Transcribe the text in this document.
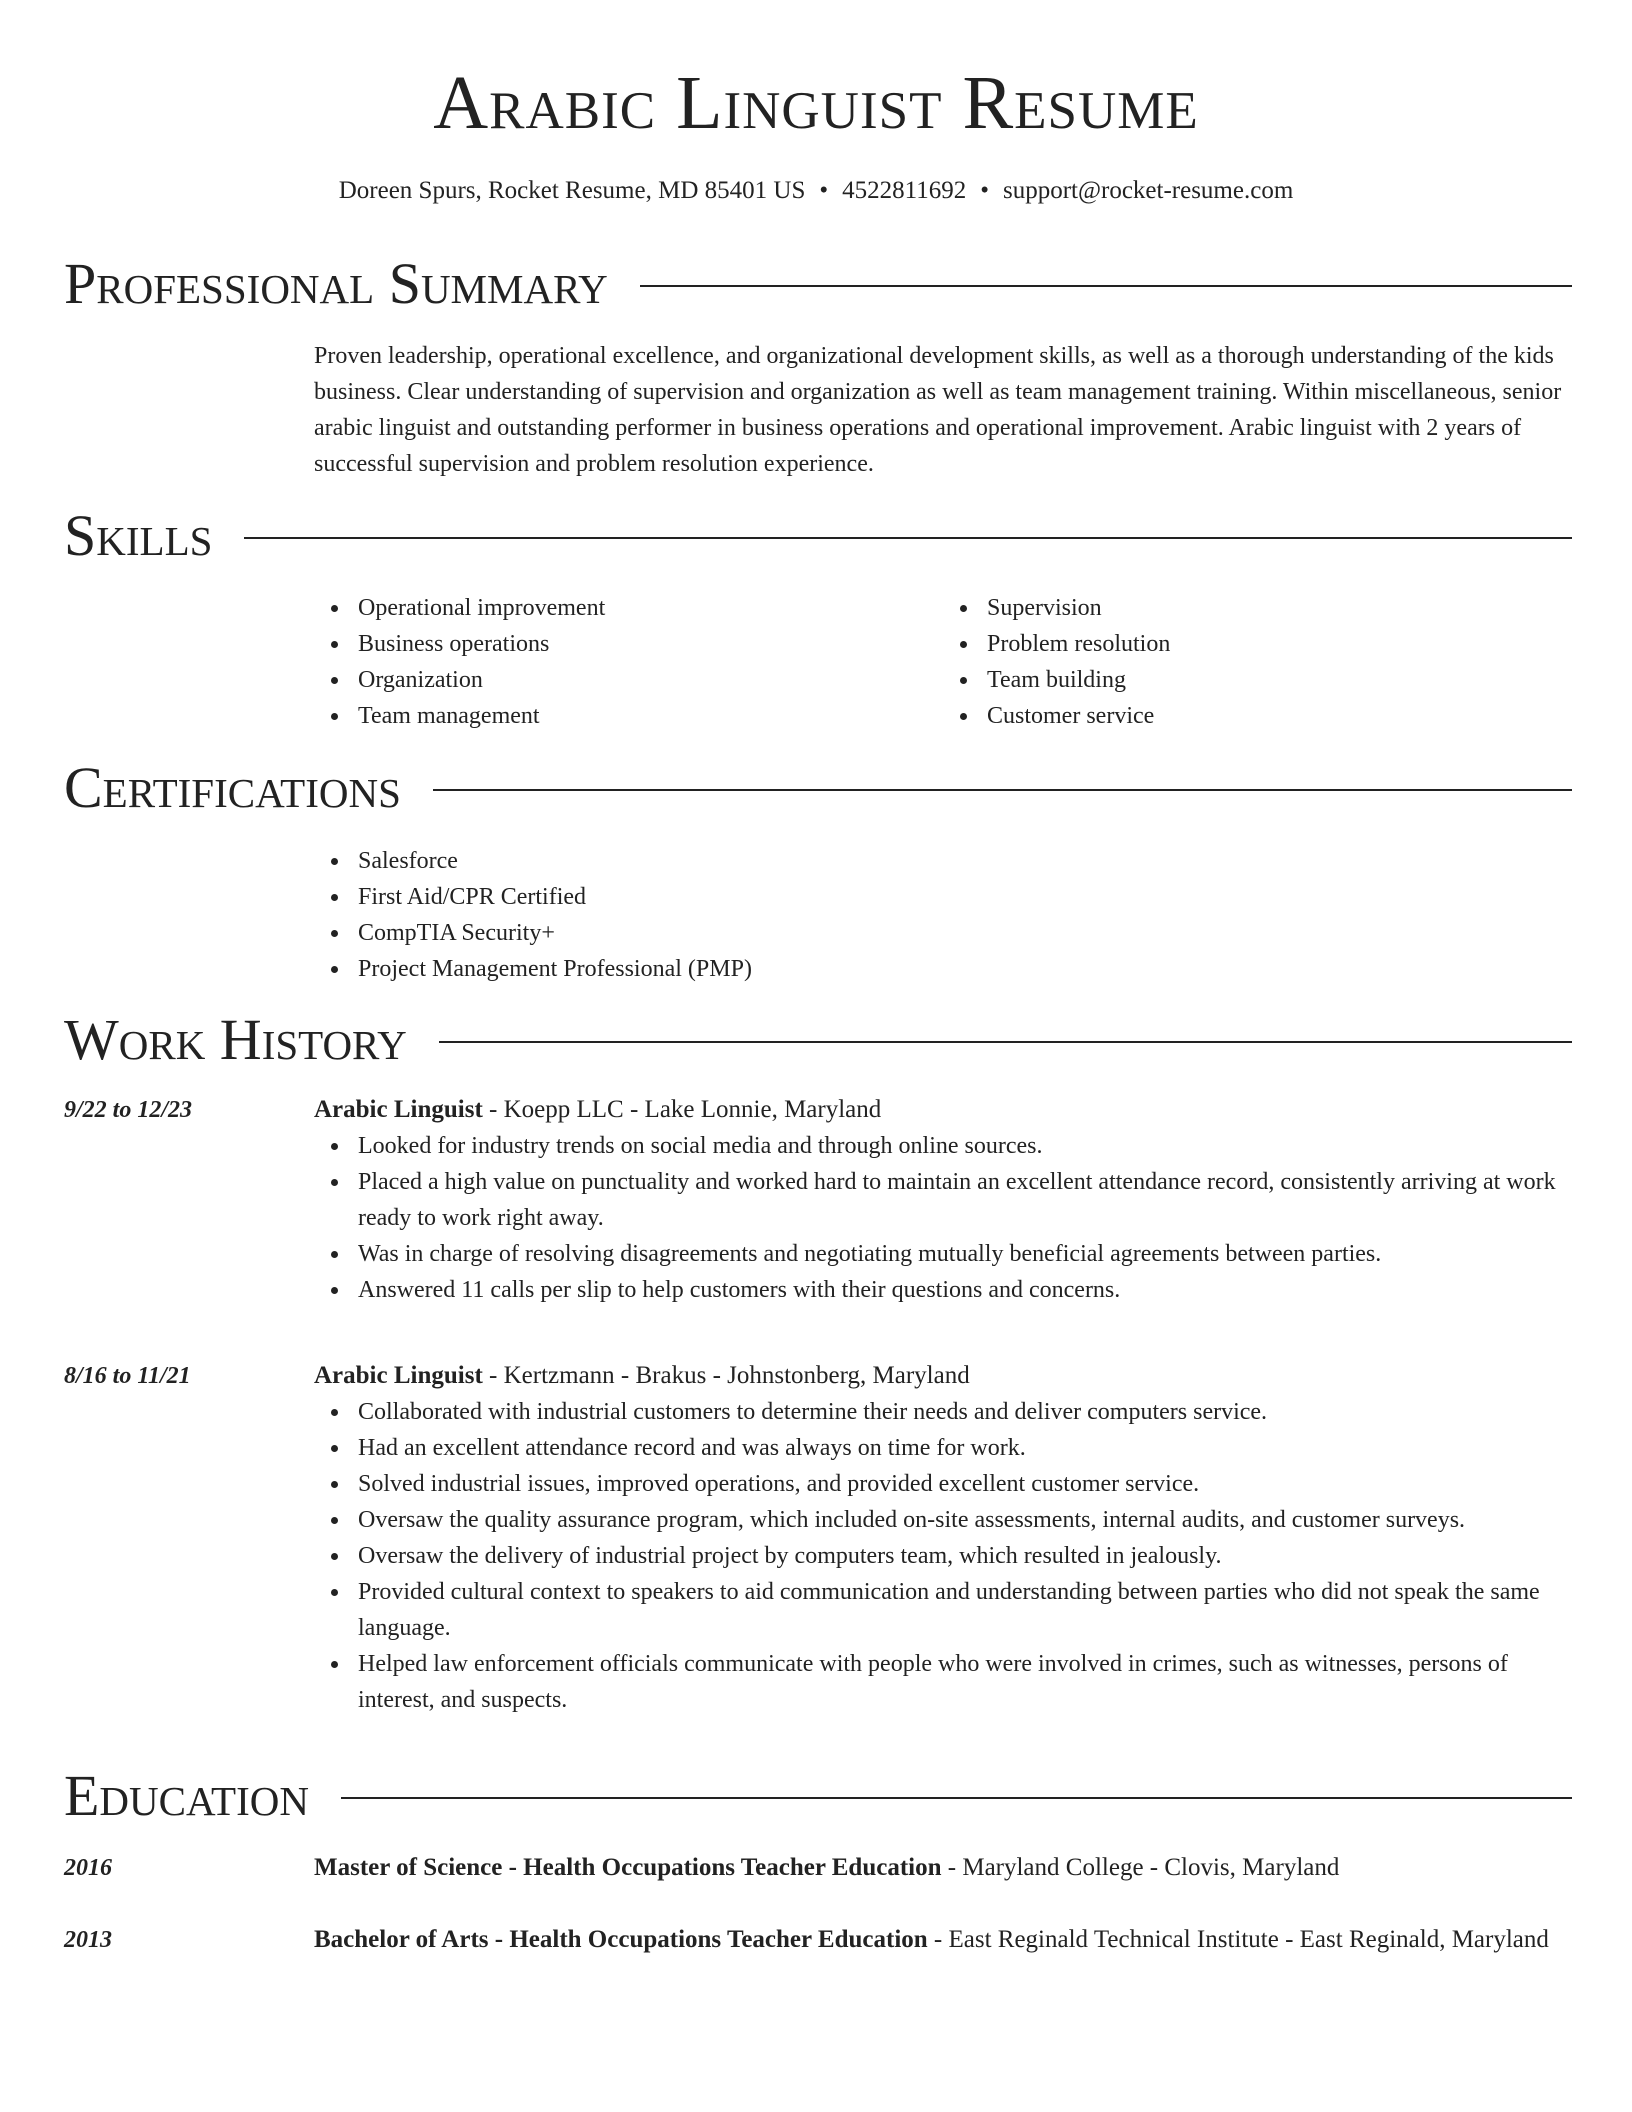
Arabic Linguist Resume
Doreen Spurs, Rocket Resume, MD 85401 US • 4522811692 • support@rocket-resume.com
Professional Summary
Proven leadership, operational excellence, and organizational development skills, as well as a thorough understanding of the kids business. Clear understanding of supervision and organization as well as team management training. Within miscellaneous, senior arabic linguist and outstanding performer in business operations and operational improvement. Arabic linguist with 2 years of successful supervision and problem resolution experience.
Skills
Operational improvement
Business operations
Organization
Team management
Supervision
Problem resolution
Team building
Customer service
Certifications
Salesforce
First Aid/CPR Certified
CompTIA Security+
Project Management Professional (PMP)
Work History
9/22 to 12/23	Arabic Linguist - Koepp LLC - Lake Lonnie, Maryland
Looked for industry trends on social media and through online sources.
Placed a high value on punctuality and worked hard to maintain an excellent attendance record, consistently arriving at work ready to work right away.
Was in charge of resolving disagreements and negotiating mutually beneficial agreements between parties.
Answered 11 calls per slip to help customers with their questions and concerns.
8/16 to 11/21	Arabic Linguist - Kertzmann - Brakus - Johnstonberg, Maryland
Collaborated with industrial customers to determine their needs and deliver computers service.
Had an excellent attendance record and was always on time for work.
Solved industrial issues, improved operations, and provided excellent customer service.
Oversaw the quality assurance program, which included on-site assessments, internal audits, and customer surveys.
Oversaw the delivery of industrial project by computers team, which resulted in jealously.
Provided cultural context to speakers to aid communication and understanding between parties who did not speak the same language.
Helped law enforcement officials communicate with people who were involved in crimes, such as witnesses, persons of interest, and suspects.
Education
2016	Master of Science - Health Occupations Teacher Education - Maryland College - Clovis, Maryland
2013	Bachelor of Arts - Health Occupations Teacher Education - East Reginald Technical Institute - East Reginald, Maryland
